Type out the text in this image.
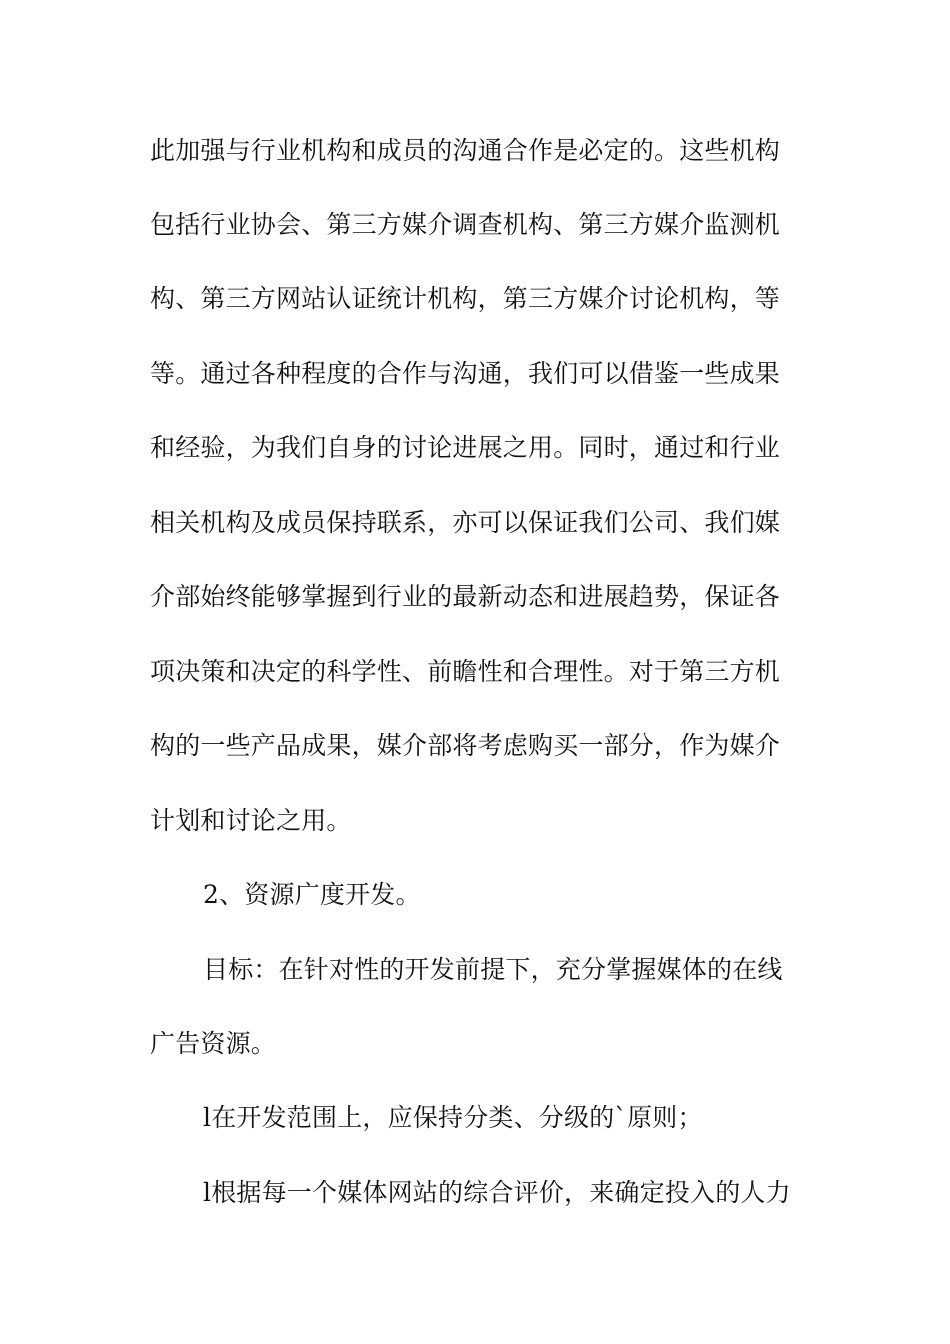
此加强与行业机构和成员的沟通合作是必定的。这些机构
包括行业协会、第三方媒介调查机构、第三方媒介监测机
构、第三方网站认证统计机构，第三方媒介讨论机构，等
等。通过各种程度的合作与沟通，我们可以借鉴一些成果
和经验，为我们自身的讨论进展之用。同时，通过和行业
相关机构及成员保持联系，亦可以保证我们公司、我们媒
介部始终能够掌握到行业的最新动态和进展趋势，保证各
项决策和决定的科学性、前瞻性和合理性。对于第三方机
构的一些产品成果，媒介部将考虑购买一部分，作为媒介
计划和讨论之用。
2、资源广度开发。
目标：在针对性的开发前提下，充分掌握媒体的在线
广告资源。
l在开发范围上，应保持分类、分级的`原则；
l根据每一个媒体网站的综合评价，来确定投入的人力
